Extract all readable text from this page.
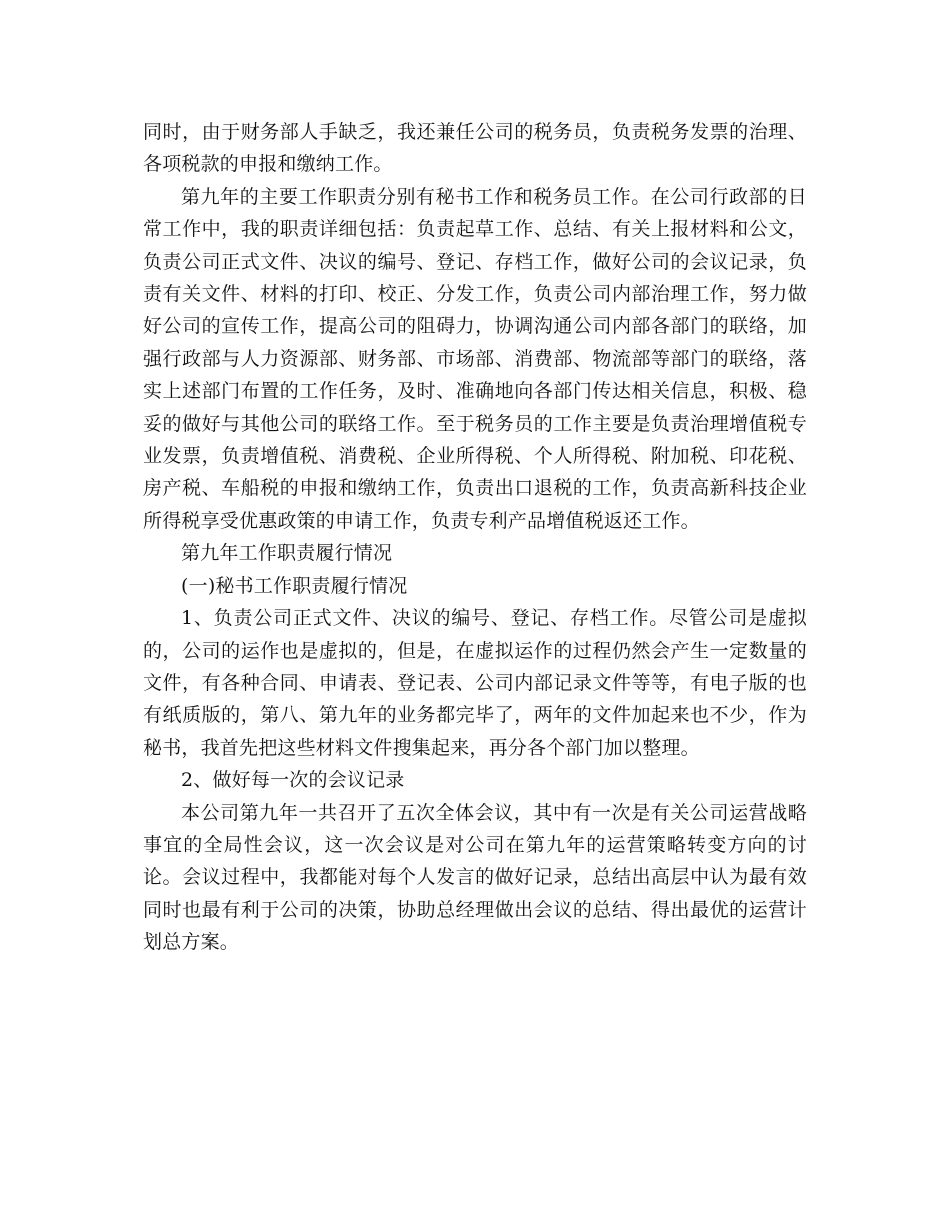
同时，由于财务部人手缺乏，我还兼任公司的税务员，负责税务发票的治理、各项税款的申报和缴纳工作。

第九年的主要工作职责分别有秘书工作和税务员工作。在公司行政部的日常工作中，我的职责详细包括：负责起草工作、总结、有关上报材料和公文，负责公司正式文件、决议的编号、登记、存档工作，做好公司的会议记录，负责有关文件、材料的打印、校正、分发工作，负责公司内部治理工作，努力做好公司的宣传工作，提高公司的阻碍力，协调沟通公司内部各部门的联络，加强行政部与人力资源部、财务部、市场部、消费部、物流部等部门的联络，落实上述部门布置的工作任务，及时、准确地向各部门传达相关信息，积极、稳妥的做好与其他公司的联络工作。至于税务员的工作主要是负责治理增值税专业发票，负责增值税、消费税、企业所得税、个人所得税、附加税、印花税、房产税、车船税的申报和缴纳工作，负责出口退税的工作，负责高新科技企业所得税享受优惠政策的申请工作，负责专利产品增值税返还工作。

第九年工作职责履行情况

(一)秘书工作职责履行情况

1、负责公司正式文件、决议的编号、登记、存档工作。尽管公司是虚拟的，公司的运作也是虚拟的，但是，在虚拟运作的过程仍然会产生一定数量的文件，有各种合同、申请表、登记表、公司内部记录文件等等，有电子版的也有纸质版的，第八、第九年的业务都完毕了，两年的文件加起来也不少，作为秘书，我首先把这些材料文件搜集起来，再分各个部门加以整理。

2、做好每一次的会议记录

本公司第九年一共召开了五次全体会议，其中有一次是有关公司运营战略事宜的全局性会议，这一次会议是对公司在第九年的运营策略转变方向的讨论。会议过程中，我都能对每个人发言的做好记录，总结出高层中认为最有效同时也最有利于公司的决策，协助总经理做出会议的总结、得出最优的运营计划总方案。
